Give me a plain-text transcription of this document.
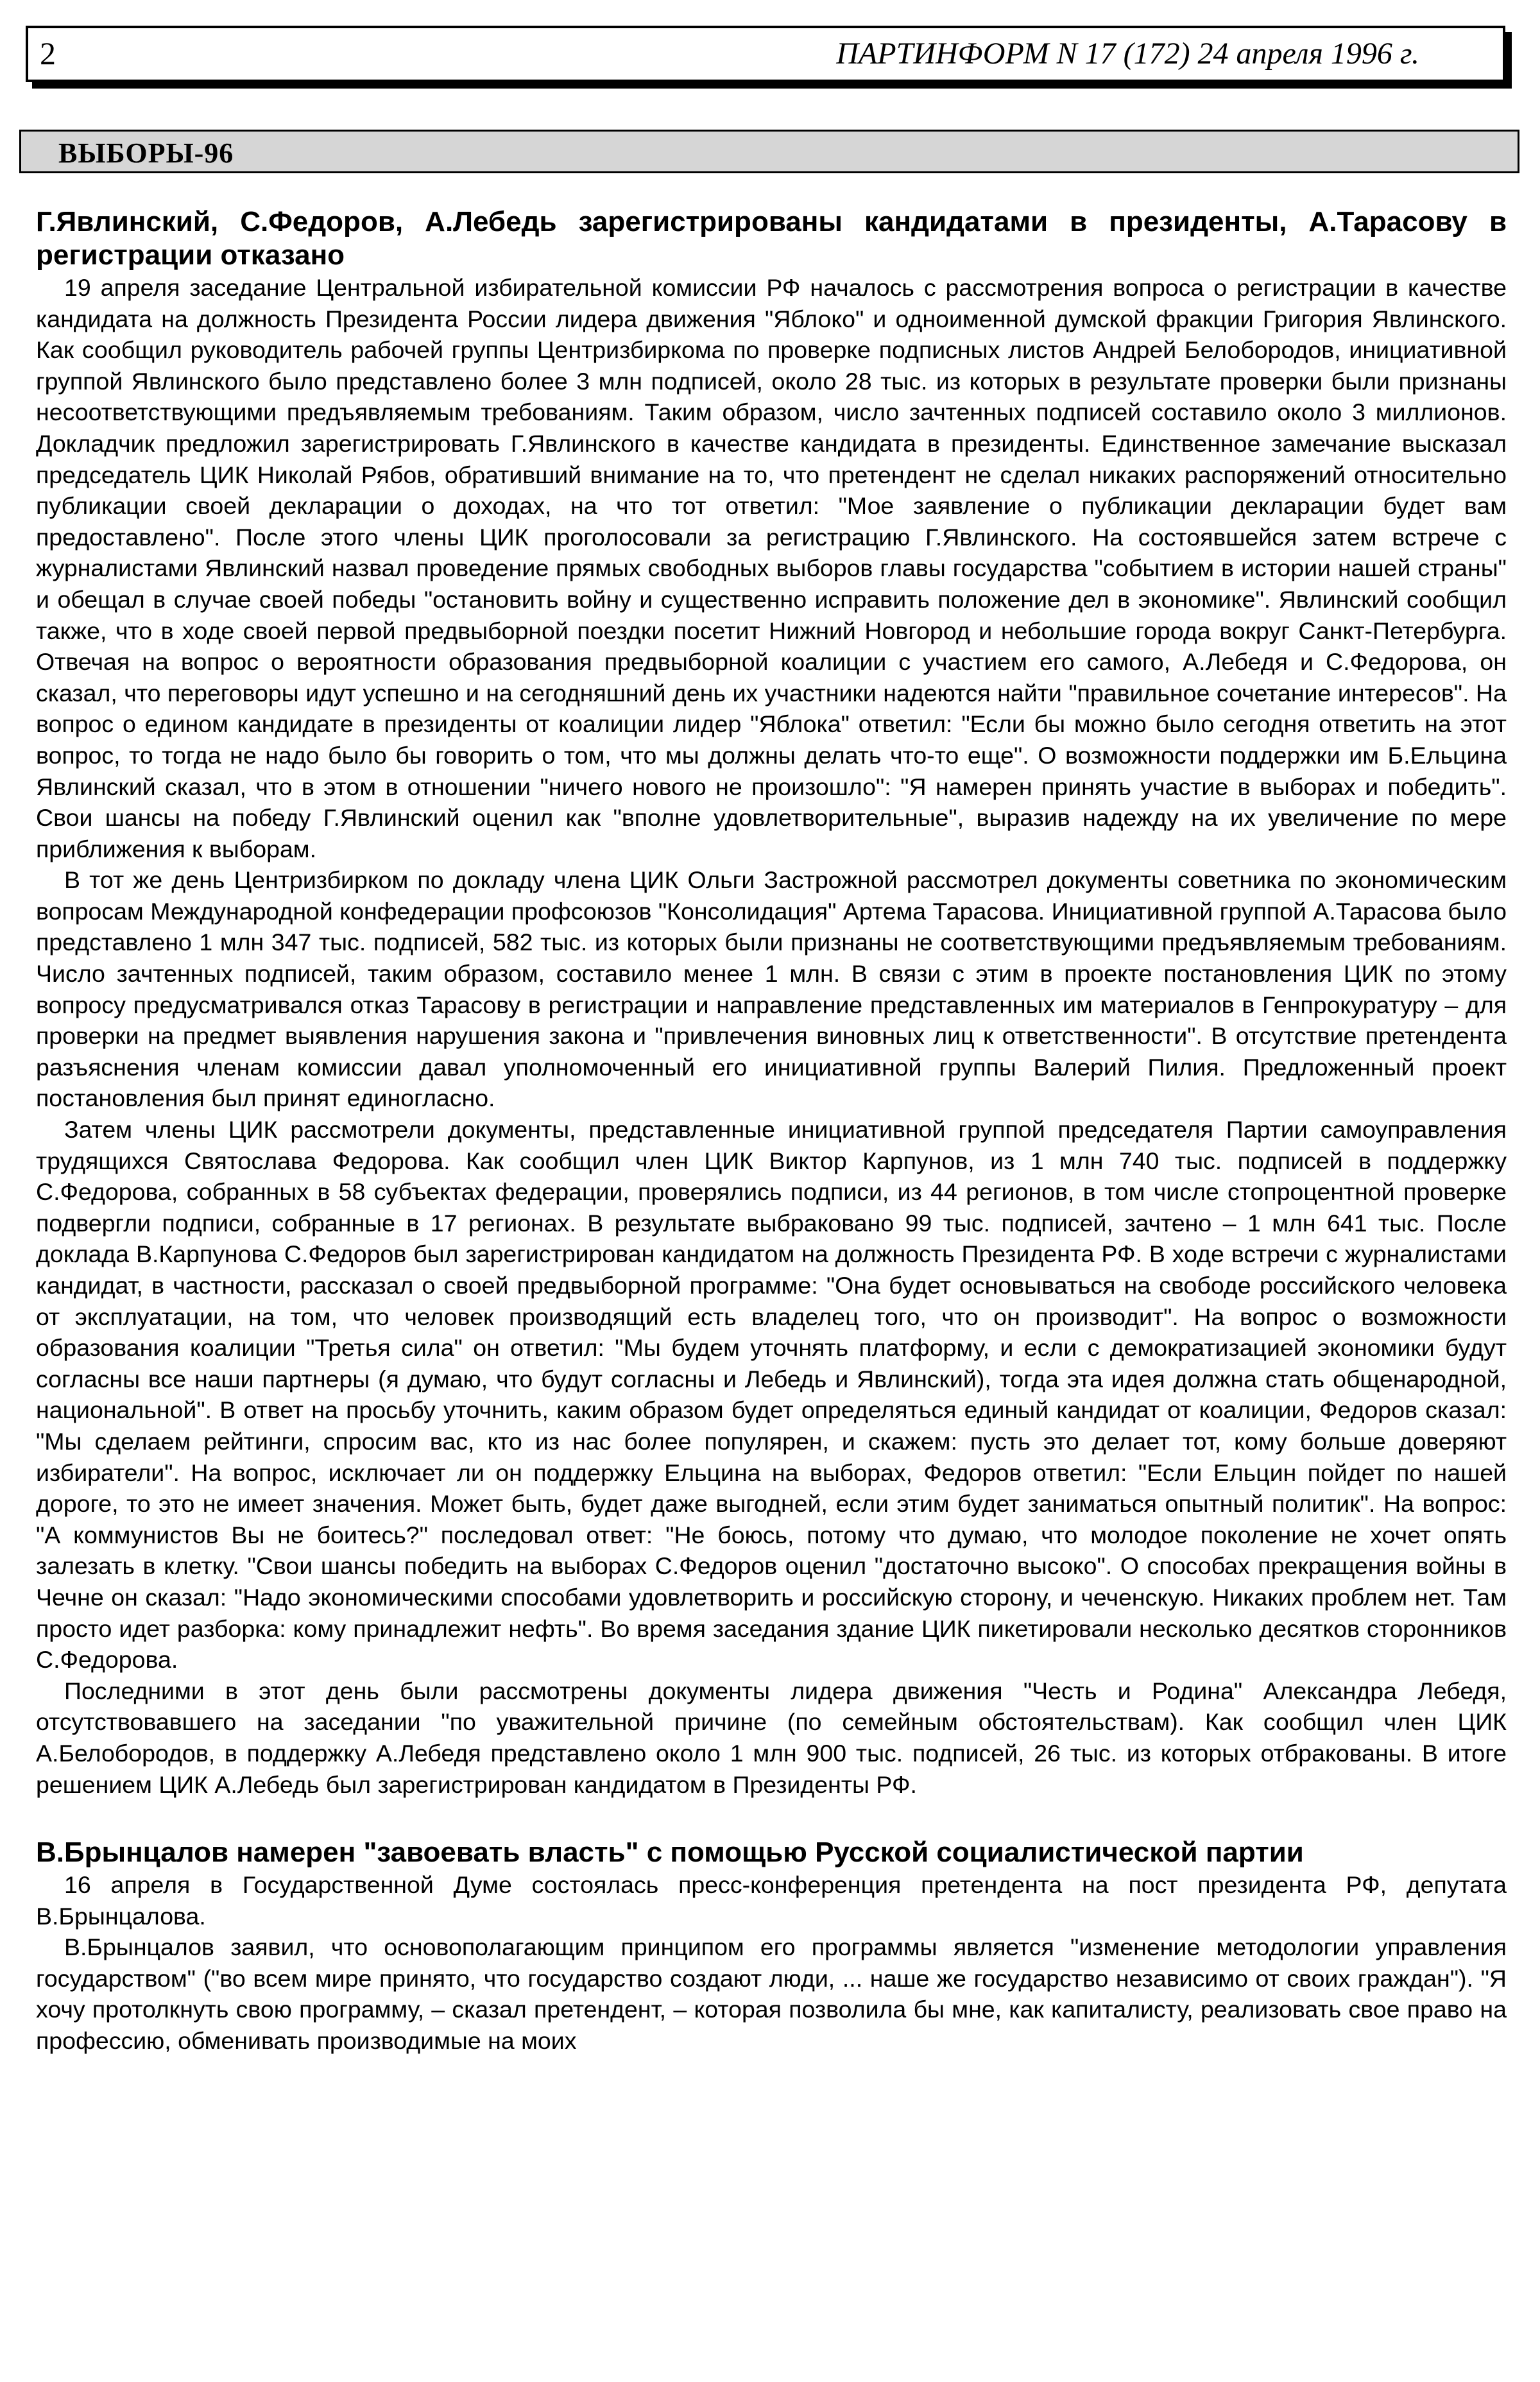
2	ПАРТИНФОРМ N 17 (172) 24 апреля 1996 г.
ВЫБОРЫ-96
Г.Явлинский, С.Федоров, А.Лебедь зарегистрированы кандидатами в президенты, А.Тарасову в регистрации отказано

19 апреля заседание Центральной избирательной комиссии РФ началось с рассмотрения вопроса о регистрации в качестве кандидата на должность Президента России лидера движения "Яблоко" и одноименной думской фракции Григория Явлинского. Как сообщил руководитель рабочей группы Центризбиркома по проверке подписных листов Андрей Белобородов, инициативной группой Явлинского было представлено более 3 млн подписей, около 28 тыс. из которых в результате проверки были признаны несоответствующими предъявляемым требованиям. Таким образом, число зачтенных подписей составило около 3 миллионов. Докладчик предложил зарегистрировать Г.Явлинского в качестве кандидата в президенты. Единственное замечание высказал председатель ЦИК Николай Рябов, обративший внимание на то, что претендент не сделал никаких распоряжений относительно публикации своей декларации о доходах, на что тот ответил: "Мое заявление о публикации декларации будет вам предоставлено". После этого члены ЦИК проголосовали за регистрацию Г.Явлинского. На состоявшейся затем встрече с журналистами Явлинский назвал проведение прямых свободных выборов главы государства "событием в истории нашей страны" и обещал в случае своей победы "остановить войну и существенно исправить положение дел в экономике". Явлинский сообщил также, что в ходе своей первой предвыборной поездки посетит Нижний Новгород и небольшие города вокруг Санкт-Петербурга. Отвечая на вопрос о вероятности образования предвыборной коалиции с участием его самого, А.Лебедя и С.Федорова, он сказал, что переговоры идут успешно и на сегодняшний день их участники надеются найти "правильное сочетание интересов". На вопрос о едином кандидате в президенты от коалиции лидер "Яблока" ответил: "Если бы можно было сегодня ответить на этот вопрос, то тогда не надо было бы говорить о том, что мы должны делать что-то еще". О возможности поддержки им Б.Ельцина Явлинский сказал, что в этом в отношении "ничего нового не произошло": "Я намерен принять участие в выборах и победить". Свои шансы на победу Г.Явлинский оценил как "вполне удовлетворительные", выразив надежду на их увеличение по мере приближения к выборам.

В тот же день Центризбирком по докладу члена ЦИК Ольги Застрожной рассмотрел документы советника по экономическим вопросам Международной конфедерации профсоюзов "Консолидация" Артема Тарасова. Инициативной группой А.Тарасова было представлено 1 млн 347 тыс. подписей, 582 тыс. из которых были признаны не соответствующими предъявляемым требованиям. Число зачтенных подписей, таким образом, составило менее 1 млн. В связи с этим в проекте постановления ЦИК по этому вопросу предусматривался отказ Тарасову в регистрации и направление представленных им материалов в Генпрокуратуру – для проверки на предмет выявления нарушения закона и "привлечения виновных лиц к ответственности". В отсутствие претендента разъяснения членам комиссии давал уполномоченный его инициативной группы Валерий Пилия. Предложенный проект постановления был принят единогласно.

Затем члены ЦИК рассмотрели документы, представленные инициативной группой председателя Партии самоуправления трудящихся Святослава Федорова. Как сообщил член ЦИК Виктор Карпунов, из 1 млн 740 тыс. подписей в поддержку С.Федорова, собранных в 58 субъектах федерации, проверялись подписи, из 44 регионов, в том числе стопроцентной проверке подвергли подписи, собранные в 17 регионах. В результате выбраковано 99 тыс. подписей, зачтено – 1 млн 641 тыс. После доклада В.Карпунова С.Федоров был зарегистрирован кандидатом на должность Президента РФ. В ходе встречи с журналистами кандидат, в частности, рассказал о своей предвыборной программе: "Она будет основываться на свободе российского человека от эксплуатации, на том, что человек производящий есть владелец того, что он производит". На вопрос о возможности образования коалиции "Третья сила" он ответил: "Мы будем уточнять платформу, и если с демократизацией экономики будут согласны все наши партнеры (я думаю, что будут согласны и Лебедь и Явлинский), тогда эта идея должна стать общенародной, национальной". В ответ на просьбу уточнить, каким образом будет определяться единый кандидат от коалиции, Федоров сказал: "Мы сделаем рейтинги, спросим вас, кто из нас более популярен, и скажем: пусть это делает тот, кому больше доверяют избиратели". На вопрос, исключает ли он поддержку Ельцина на выборах, Федоров ответил: "Если Ельцин пойдет по нашей дороге, то это не имеет значения. Может быть, будет даже выгодней, если этим будет заниматься опытный политик". На вопрос: "А коммунистов Вы не боитесь?" последовал ответ: "Не боюсь, потому что думаю, что молодое поколение не хочет опять залезать в клетку. "Свои шансы победить на выборах С.Федоров оценил "достаточно высоко". О способах прекращения войны в Чечне он сказал: "Надо экономическими способами удовлетворить и российскую сторону, и чеченскую. Никаких проблем нет. Там просто идет разборка: кому принадлежит нефть". Во время заседания здание ЦИК пикетировали несколько десятков сторонников С.Федорова.

Последними в этот день были рассмотрены документы лидера движения "Честь и Родина" Александра Лебедя, отсутствовавшего на заседании "по уважительной причине (по семейным обстоятельствам). Как сообщил член ЦИК А.Белобородов, в поддержку А.Лебедя представлено около 1 млн 900 тыс. подписей, 26 тыс. из которых отбракованы. В итоге решением ЦИК А.Лебедь был зарегистрирован кандидатом в Президенты РФ.

В.Брынцалов намерен "завоевать власть" с помощью Русской социалистической партии

16 апреля в Государственной Думе состоялась пресс-конференция претендента на пост президента РФ, депутата В.Брынцалова.

В.Брынцалов заявил, что основополагающим принципом его программы является "изменение методологии управления государством" ("во всем мире принято, что государство создают люди, ... наше же государство независимо от своих граждан"). "Я хочу протолкнуть свою программу, – сказал претендент, – которая позволила бы мне, как капиталисту, реализовать свое право на профессию, обменивать производимые на моих
